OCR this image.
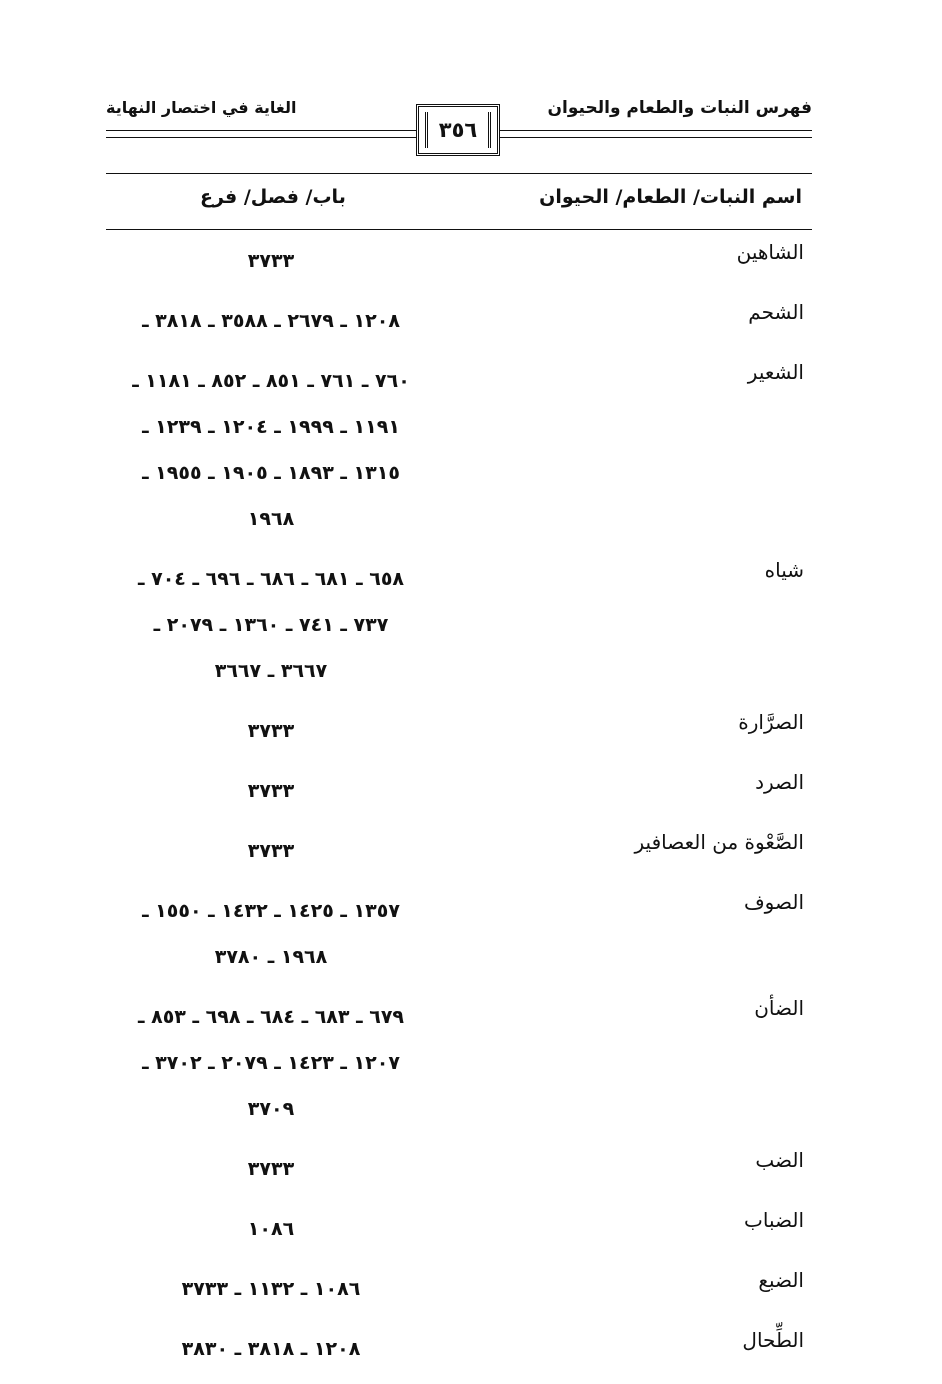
فهرس النبات والطعام والحيوان
الغاية في اختصار النهاية
٣٥٦
اسم النبات/ الطعام/ الحيوان
باب/ فصل/ فرع
الشاهين
٣٧٣٣
الشحم
١٢٠٨ ـ ٢٦٧٩ ـ ٣٥٨٨ ـ ٣٨١٨ ـ
الشعير
٧٦٠ ـ ٧٦١ ـ ٨٥١ ـ ٨٥٢ ـ ١١٨١ ـ
١١٩١ ـ ١٩٩٩ ـ ١٢٠٤ ـ ١٢٣٩ ـ
١٣١٥ ـ ١٨٩٣ ـ ١٩٠٥ ـ ١٩٥٥ ـ
١٩٦٨
شياه
٦٥٨ ـ ٦٨١ ـ ٦٨٦ ـ ٦٩٦ ـ ٧٠٤ ـ
٧٣٧ ـ ٧٤١ ـ ١٣٦٠ ـ ٢٠٧٩ ـ
٣٦٦٧ ـ ٣٦٦٧
الصرَّارة
٣٧٣٣
الصرد
٣٧٣٣
الصَّعْوة من العصافير
٣٧٣٣
الصوف
١٣٥٧ ـ ١٤٢٥ ـ ١٤٣٢ ـ ١٥٥٠ ـ
١٩٦٨ ـ ٣٧٨٠
الضأن
٦٧٩ ـ ٦٨٣ ـ ٦٨٤ ـ ٦٩٨ ـ ٨٥٣ ـ
١٢٠٧ ـ ١٤٢٣ ـ ٢٠٧٩ ـ ٣٧٠٢ ـ
٣٧٠٩
الضب
٣٧٣٣
الضباب
١٠٨٦
الضبع
١٠٨٦ ـ ١١٣٢ ـ ٣٧٣٣
الطِّحال
١٢٠٨ ـ ٣٨١٨ ـ ٣٨٣٠
